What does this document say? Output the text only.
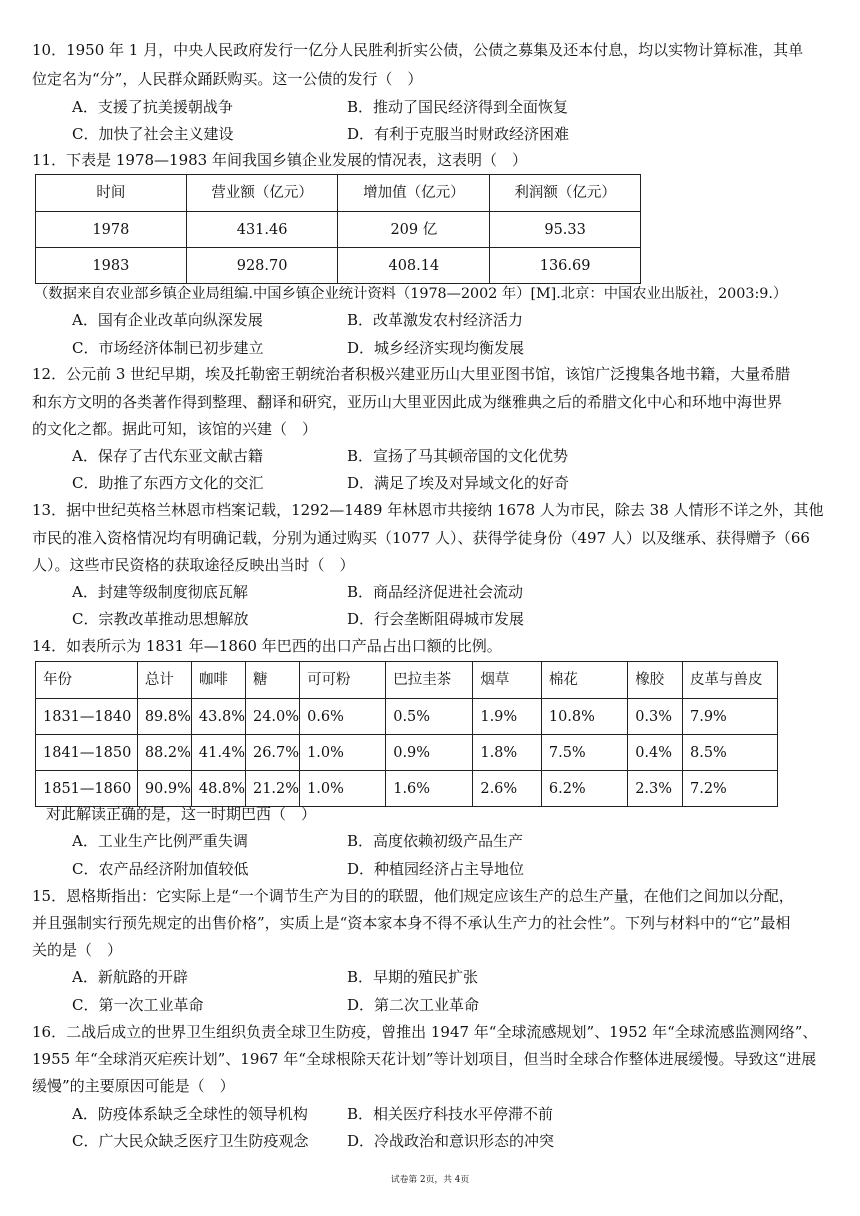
10．1950 年 1 月，中央人民政府发行一亿分人民胜利折实公债，公债之募集及还本付息，均以实物计算标准，其单
位定名为“分”，人民群众踊跃购买。这一公债的发行（　）
A．支援了抗美援朝战争	B．推动了国民经济得到全面恢复
C．加快了社会主义建设	D．有利于克服当时财政经济困难
11．下表是 1978—1983 年间我国乡镇企业发展的情况表，这表明（　）
时间	营业额（亿元）	增加值（亿元）	利润额（亿元）
1978	431.46	209 亿	95.33
1983	928.70	408.14	136.69
（数据来自农业部乡镇企业局组编.中国乡镇企业统计资料（1978—2002 年）[M].北京：中国农业出版社，2003:9.）
A．国有企业改革向纵深发展	B．改革激发农村经济活力
C．市场经济体制已初步建立	D．城乡经济实现均衡发展
12．公元前 3 世纪早期，埃及托勒密王朝统治者积极兴建亚历山大里亚图书馆，该馆广泛搜集各地书籍，大量希腊
和东方文明的各类著作得到整理、翻译和研究，亚历山大里亚因此成为继雅典之后的希腊文化中心和环地中海世界
的文化之都。据此可知，该馆的兴建（　）
A．保存了古代东亚文献古籍	B．宣扬了马其顿帝国的文化优势
C．助推了东西方文化的交汇	D．满足了埃及对异域文化的好奇
13．据中世纪英格兰林恩市档案记载，1292—1489 年林恩市共接纳 1678 人为市民，除去 38 人情形不详之外，其他
市民的准入资格情况均有明确记载，分别为通过购买（1077 人）、获得学徒身份（497 人）以及继承、获得赠予（66
人）。这些市民资格的获取途径反映出当时（　）
A．封建等级制度彻底瓦解	B．商品经济促进社会流动
C．宗教改革推动思想解放	D．行会垄断阻碍城市发展
14．如表所示为 1831 年—1860 年巴西的出口产品占出口额的比例。
年份	总计	咖啡	糖	可可粉	巴拉圭茶	烟草	棉花	橡胶	皮革与兽皮
1831—1840	89.8%	43.8%	24.0%	0.6%	0.5%	1.9%	10.8%	0.3%	7.9%
1841—1850	88.2%	41.4%	26.7%	1.0%	0.9%	1.8%	7.5%	0.4%	8.5%
1851—1860	90.9%	48.8%	21.2%	1.0%	1.6%	2.6%	6.2%	2.3%	7.2%
对此解读正确的是，这一时期巴西（　）
A．工业生产比例严重失调	B．高度依赖初级产品生产
C．农产品经济附加值较低	D．种植园经济占主导地位
15．恩格斯指出：它实际上是“一个调节生产为目的的联盟，他们规定应该生产的总生产量，在他们之间加以分配，
并且强制实行预先规定的出售价格”，实质上是“资本家本身不得不承认生产力的社会性”。下列与材料中的“它”最相
关的是（　）
A．新航路的开辟	B．早期的殖民扩张
C．第一次工业革命	D．第二次工业革命
16．二战后成立的世界卫生组织负责全球卫生防疫，曾推出 1947 年“全球流感规划”、1952 年“全球流感监测网络”、
1955 年“全球消灭疟疾计划”、1967 年“全球根除天花计划”等计划项目，但当时全球合作整体进展缓慢。导致这“进展
缓慢”的主要原因可能是（　）
A．防疫体系缺乏全球性的领导机构	B．相关医疗科技水平停滞不前
C．广大民众缺乏医疗卫生防疫观念	D．冷战政治和意识形态的冲突
试卷第 2页，共 4页
